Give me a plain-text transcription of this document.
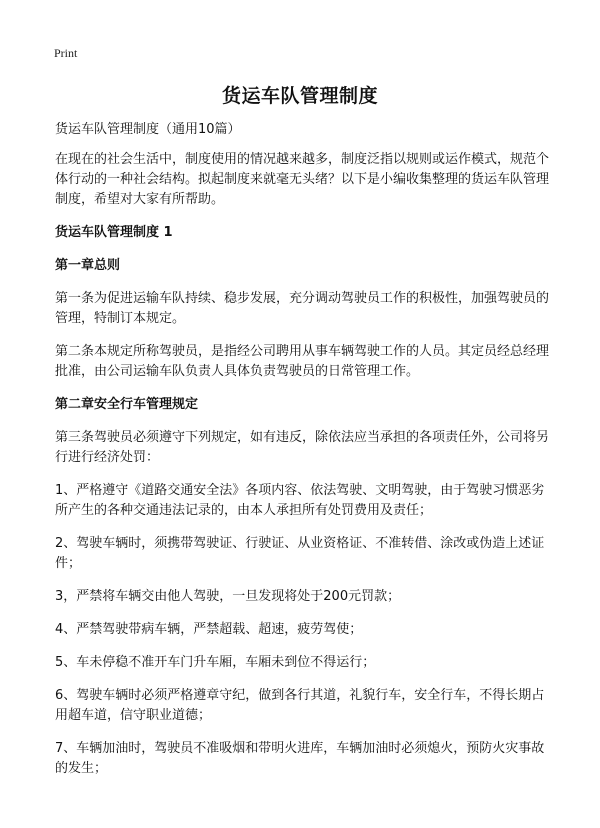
Print
货运车队管理制度

货运车队管理制度（通用10篇）

在现在的社会生活中，制度使用的情况越来越多，制度泛指以规则或运作模式，规范个体行动的一种社会结构。拟起制度来就毫无头绪？以下是小编收集整理的货运车队管理制度，希望对大家有所帮助。

货运车队管理制度 1

第一章总则

第一条为促进运输车队持续、稳步发展，充分调动驾驶员工作的积极性，加强驾驶员的管理，特制订本规定。

第二条本规定所称驾驶员，是指经公司聘用从事车辆驾驶工作的人员。其定员经总经理批准，由公司运输车队负责人具体负责驾驶员的日常管理工作。

第二章安全行车管理规定

第三条驾驶员必须遵守下列规定，如有违反，除依法应当承担的各项责任外，公司将另行进行经济处罚：

1、严格遵守《道路交通安全法》各项内容、依法驾驶、文明驾驶，由于驾驶习惯恶劣所产生的各种交通违法记录的，由本人承担所有处罚费用及责任；

2、驾驶车辆时，须携带驾驶证、行驶证、从业资格证、不准转借、涂改或伪造上述证件；

3，严禁将车辆交由他人驾驶，一旦发现将处于200元罚款；

4、严禁驾驶带病车辆，严禁超载、超速，疲劳驾使；

5、车未停稳不准开车门升车厢，车厢未到位不得运行；

6、驾驶车辆时必须严格遵章守纪，做到各行其道，礼貌行车，安全行车，不得长期占用超车道，信守职业道德；

7、车辆加油时，驾驶员不准吸烟和带明火进库，车辆加油时必须熄火，预防火灾事故的发生；
